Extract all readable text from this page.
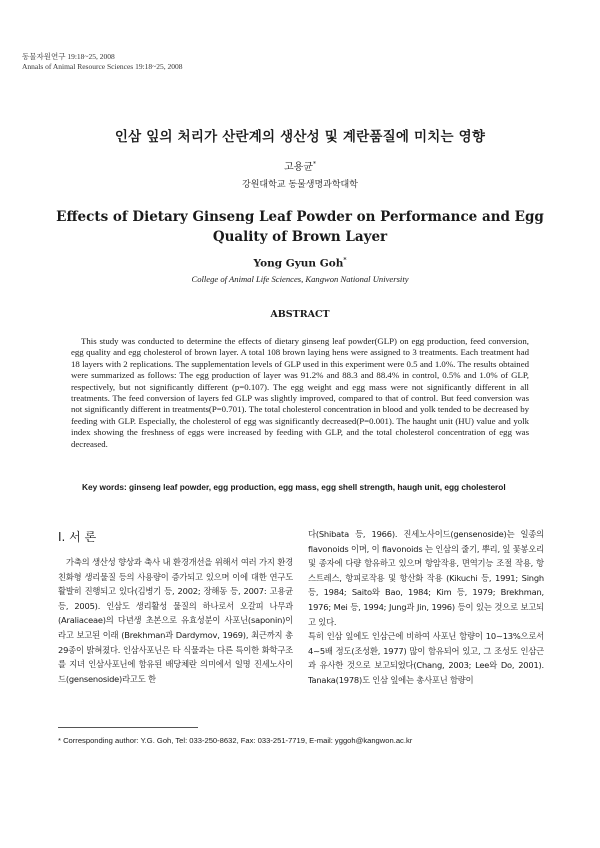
동물자원연구 19:18~25, 2008
Annals of Animal Resource Sciences 19:18~25, 2008
인삼 잎의 처리가 산란계의 생산성 및 계란품질에 미치는 영향
고용균*
강원대학교 동물생명과학대학
Effects of Dietary Ginseng Leaf Powder on Performance and Egg Quality of Brown Layer
Yong Gyun Goh*
College of Animal Life Sciences, Kangwon National University
ABSTRACT

This study was conducted to determine the effects of dietary ginseng leaf powder(GLP) on egg production, feed conversion, egg quality and egg cholesterol of brown layer. A total 108 brown laying hens were assigned to 3 treatments. Each treatment had 18 layers with 2 replications. The supplementation levels of GLP used in this experiment were 0.5 and 1.0%. The results obtained were summarized as follows: The egg production of layer was 91.2% and 88.3 and 88.4% in control, 0.5% and 1.0% of GLP, respectively, but not significantly different (p=0.107). The egg weight and egg mass were not significantly different in all treatments. The feed conversion of layers fed GLP was slightly improved, compared to that of control. But feed conversion was not significantly different in treatments(P=0.701). The total cholesterol concentration in blood and yolk tended to be decreased by feeding with GLP. Especially, the cholesterol of egg was significantly decreased(P=0.001). The haught unit (HU) value and yolk index showing the freshness of eggs were increased by feeding with GLP, and the total cholesterol concentration of egg was decreased.

Key words: ginseng leaf powder, egg production, egg mass, egg shell strength, haugh unit, egg cholesterol
Ⅰ. 서 론

가축의 생산성 향상과 축사 내 환경개선을 위해서 여러 가지 환경친화형 생리물질 등의 사용량이 증가되고 있으며 이에 대한 연구도 활발히 진행되고 있다(김병기 등, 2002; 장해동 등, 2007: 고용균 등, 2005). 인삼도 생리활성 물질의 하나로서 오갈피 나무과(Araliaceae)의 다년생 초본으로 유효성분이 사포닌(saponin)이라고 보고된 이래 (Brekhman과 Dardymov, 1969), 최근까지 총 29종이 밝혀졌다. 인삼사포닌은 타 식물과는 다른 특이한 화학구조를 지녀 인삼사포닌에 함유된 배당체란 의미에서 일명 진세노사이드(gensenoside)라고도 한

다(Shibata 등, 1966). 진세노사이드(gensenoside)는 일종의 flavonoids 이며, 이 flavonoids 는 인삼의 줄기, 뿌리, 잎 꽃봉오리 및 종자에 다량 함유하고 있으며 항암작용, 면역기능 조절 작용, 항스트레스, 항피로작용 및 항산화 작용 (Kikuchi 등, 1991; Singh 등, 1984; Saito와 Bao, 1984; Kim 등, 1979; Brekhman, 1976; Mei 등, 1994; Jung과 Jin, 1996) 등이 있는 것으로 보고되고 있다.
특히 인삼 잎에도 인삼근에 비하여 사포닌 함량이 10~13%으로서 4~5배 정도(조성환, 1977) 많이 함유되어 있고, 그 조성도 인삼근과 유사한 것으로 보고되었다(Chang, 2003; Lee와 Do, 2001). Tanaka(1978)도 인삼 잎에는 총사포닌 함량이
* Corresponding author: Y.G. Goh, Tel: 033-250-8632, Fax: 033-251-7719, E-mail: yggoh@kangwon.ac.kr
